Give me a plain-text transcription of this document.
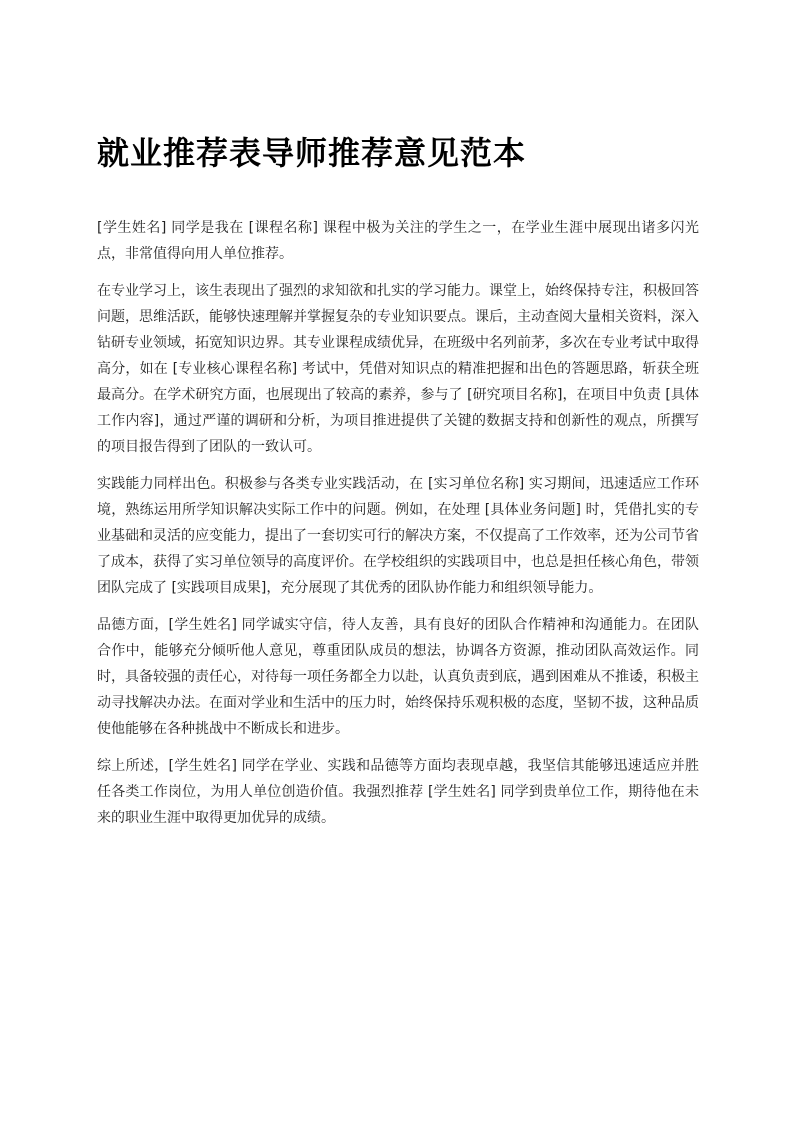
就业推荐表导师推荐意见范本

[学生姓名] 同学是我在 [课程名称] 课程中极为关注的学生之一，在学业生涯中展现出诸多闪光点，非常值得向用人单位推荐。

在专业学习上，该生表现出了强烈的求知欲和扎实的学习能力。课堂上，始终保持专注，积极回答问题，思维活跃，能够快速理解并掌握复杂的专业知识要点。课后，主动查阅大量相关资料，深入钻研专业领域，拓宽知识边界。其专业课程成绩优异，在班级中名列前茅，多次在专业考试中取得高分，如在 [专业核心课程名称] 考试中，凭借对知识点的精准把握和出色的答题思路，斩获全班最高分。在学术研究方面，也展现出了较高的素养，参与了 [研究项目名称]，在项目中负责 [具体工作内容]，通过严谨的调研和分析，为项目推进提供了关键的数据支持和创新性的观点，所撰写的项目报告得到了团队的一致认可。

实践能力同样出色。积极参与各类专业实践活动，在 [实习单位名称] 实习期间，迅速适应工作环境，熟练运用所学知识解决实际工作中的问题。例如，在处理 [具体业务问题] 时，凭借扎实的专业基础和灵活的应变能力，提出了一套切实可行的解决方案，不仅提高了工作效率，还为公司节省了成本，获得了实习单位领导的高度评价。在学校组织的实践项目中，也总是担任核心角色，带领团队完成了 [实践项目成果]，充分展现了其优秀的团队协作能力和组织领导能力。

品德方面，[学生姓名] 同学诚实守信，待人友善，具有良好的团队合作精神和沟通能力。在团队合作中，能够充分倾听他人意见，尊重团队成员的想法，协调各方资源，推动团队高效运作。同时，具备较强的责任心，对待每一项任务都全力以赴，认真负责到底，遇到困难从不推诿，积极主动寻找解决办法。在面对学业和生活中的压力时，始终保持乐观积极的态度，坚韧不拔，这种品质使他能够在各种挑战中不断成长和进步。

综上所述，[学生姓名] 同学在学业、实践和品德等方面均表现卓越，我坚信其能够迅速适应并胜任各类工作岗位，为用人单位创造价值。我强烈推荐 [学生姓名] 同学到贵单位工作，期待他在未来的职业生涯中取得更加优异的成绩。
